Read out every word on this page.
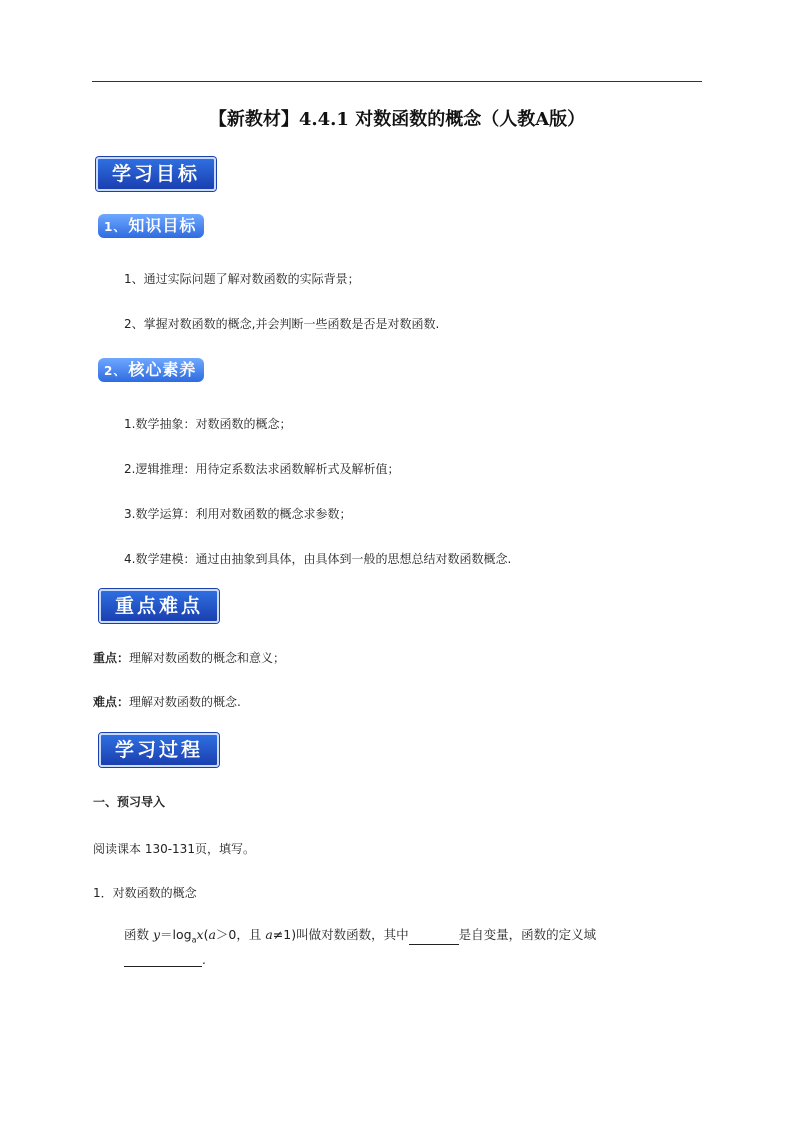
【新教材】4.4.1 对数函数的概念（人教A版）
学习目标
1、 知识目标
1、通过实际问题了解对数函数的实际背景；
2、掌握对数函数的概念,并会判断一些函数是否是对数函数.
2、 核心素养
1.数学抽象：对数函数的概念；
2.逻辑推理：用待定系数法求函数解析式及解析值；
3.数学运算：利用对数函数的概念求参数；
4.数学建模：通过由抽象到具体，由具体到一般的思想总结对数函数概念.
重点难点
重点：理解对数函数的概念和意义；
难点：理解对数函数的概念.
学习过程
一、预习导入
阅读课本 130-131页，填写。
1．对数函数的概念
函数 $y=\log_ax(a>0$，且 a≠1)叫做对数函数，其中	是自变量，函数的定义域
.
